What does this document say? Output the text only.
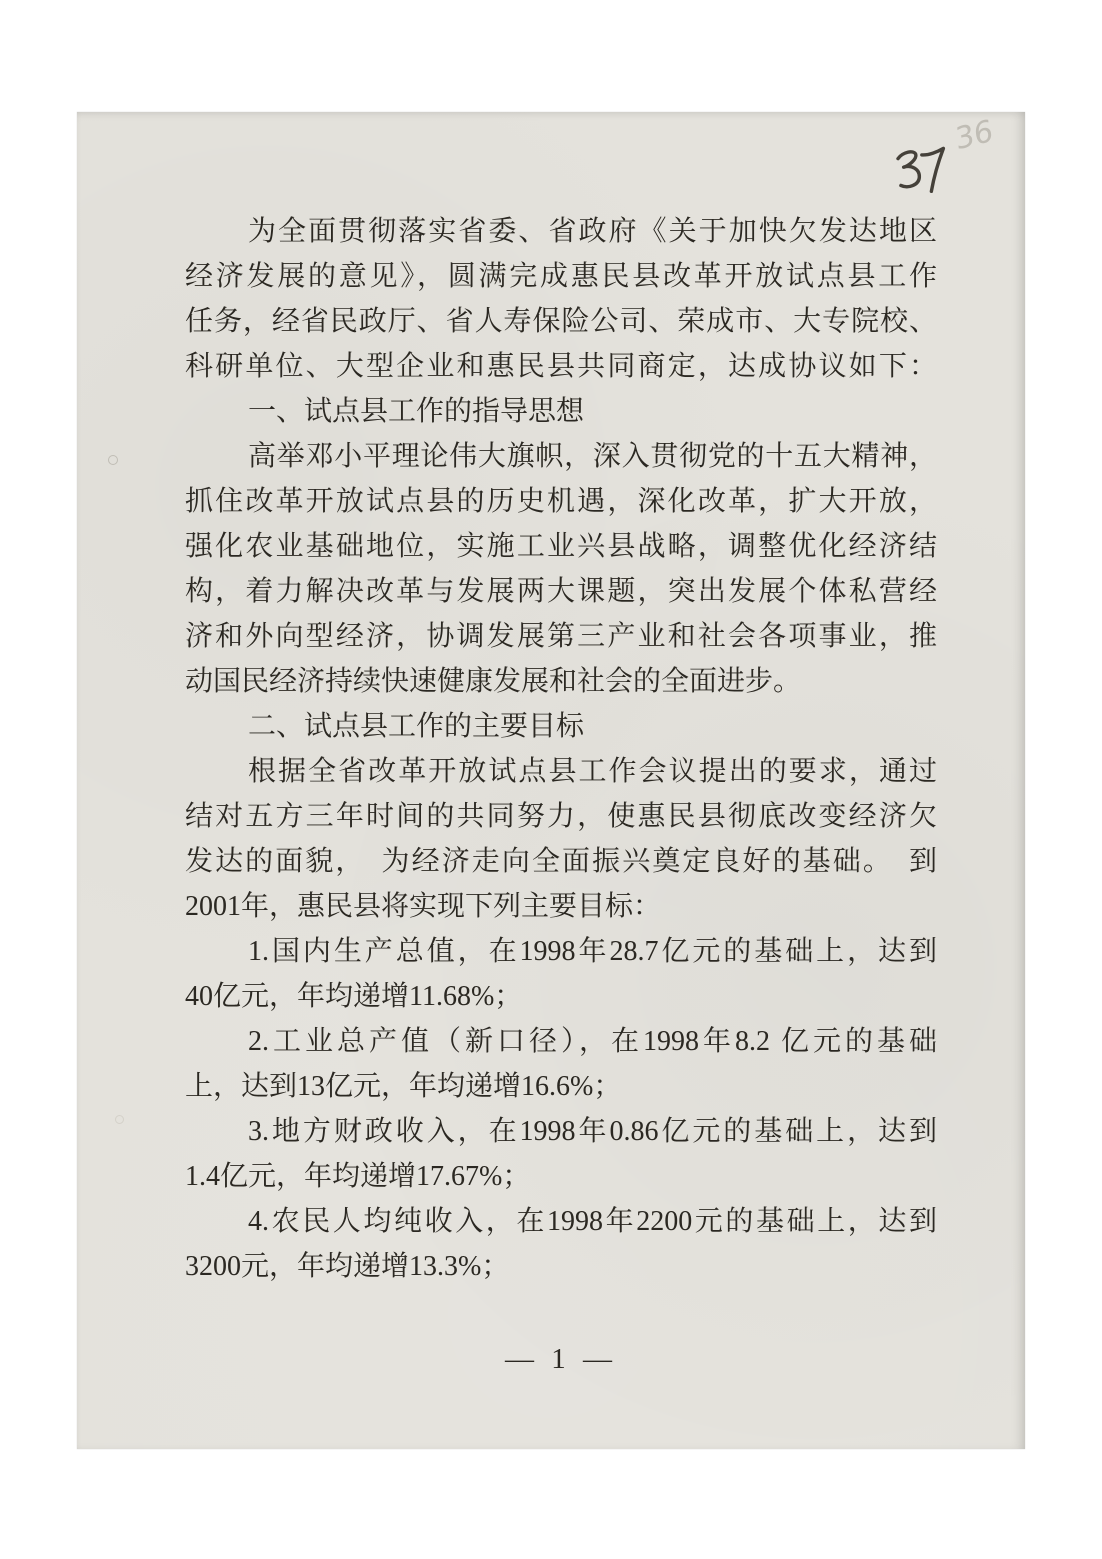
36
为全面贯彻落实省委、省政府《关于加快欠发达地区
经济发展的意见》，圆满完成惠民县改革开放试点县工作
任务，经省民政厅、省人寿保险公司、荣成市、大专院校、
科研单位、大型企业和惠民县共同商定，达成协议如下：
一、试点县工作的指导思想
高举邓小平理论伟大旗帜，深入贯彻党的十五大精神，
抓住改革开放试点县的历史机遇，深化改革，扩大开放，
强化农业基础地位，实施工业兴县战略，调整优化经济结
构，着力解决改革与发展两大课题，突出发展个体私营经
济和外向型经济，协调发展第三产业和社会各项事业，推
动国民经济持续快速健康发展和社会的全面进步。
二、试点县工作的主要目标
根据全省改革开放试点县工作会议提出的要求，通过
结对五方三年时间的共同努力，使惠民县彻底改变经济欠
发达的面貌，　为经济走向全面振兴奠定良好的基础。　到
2001年，惠民县将实现下列主要目标：
1.国内生产总值，在1998年28.7亿元的基础上，达到
40亿元，年均递增11.68%；
2.工业总产值（新口径），在1998年8.2 亿元的基础
上，达到13亿元，年均递增16.6%；
3.地方财政收入，在1998年0.86亿元的基础上，达到
1.4亿元，年均递增17.67%；
4.农民人均纯收入，在1998年2200元的基础上，达到
3200元，年均递增13.3%；
— 1 —
